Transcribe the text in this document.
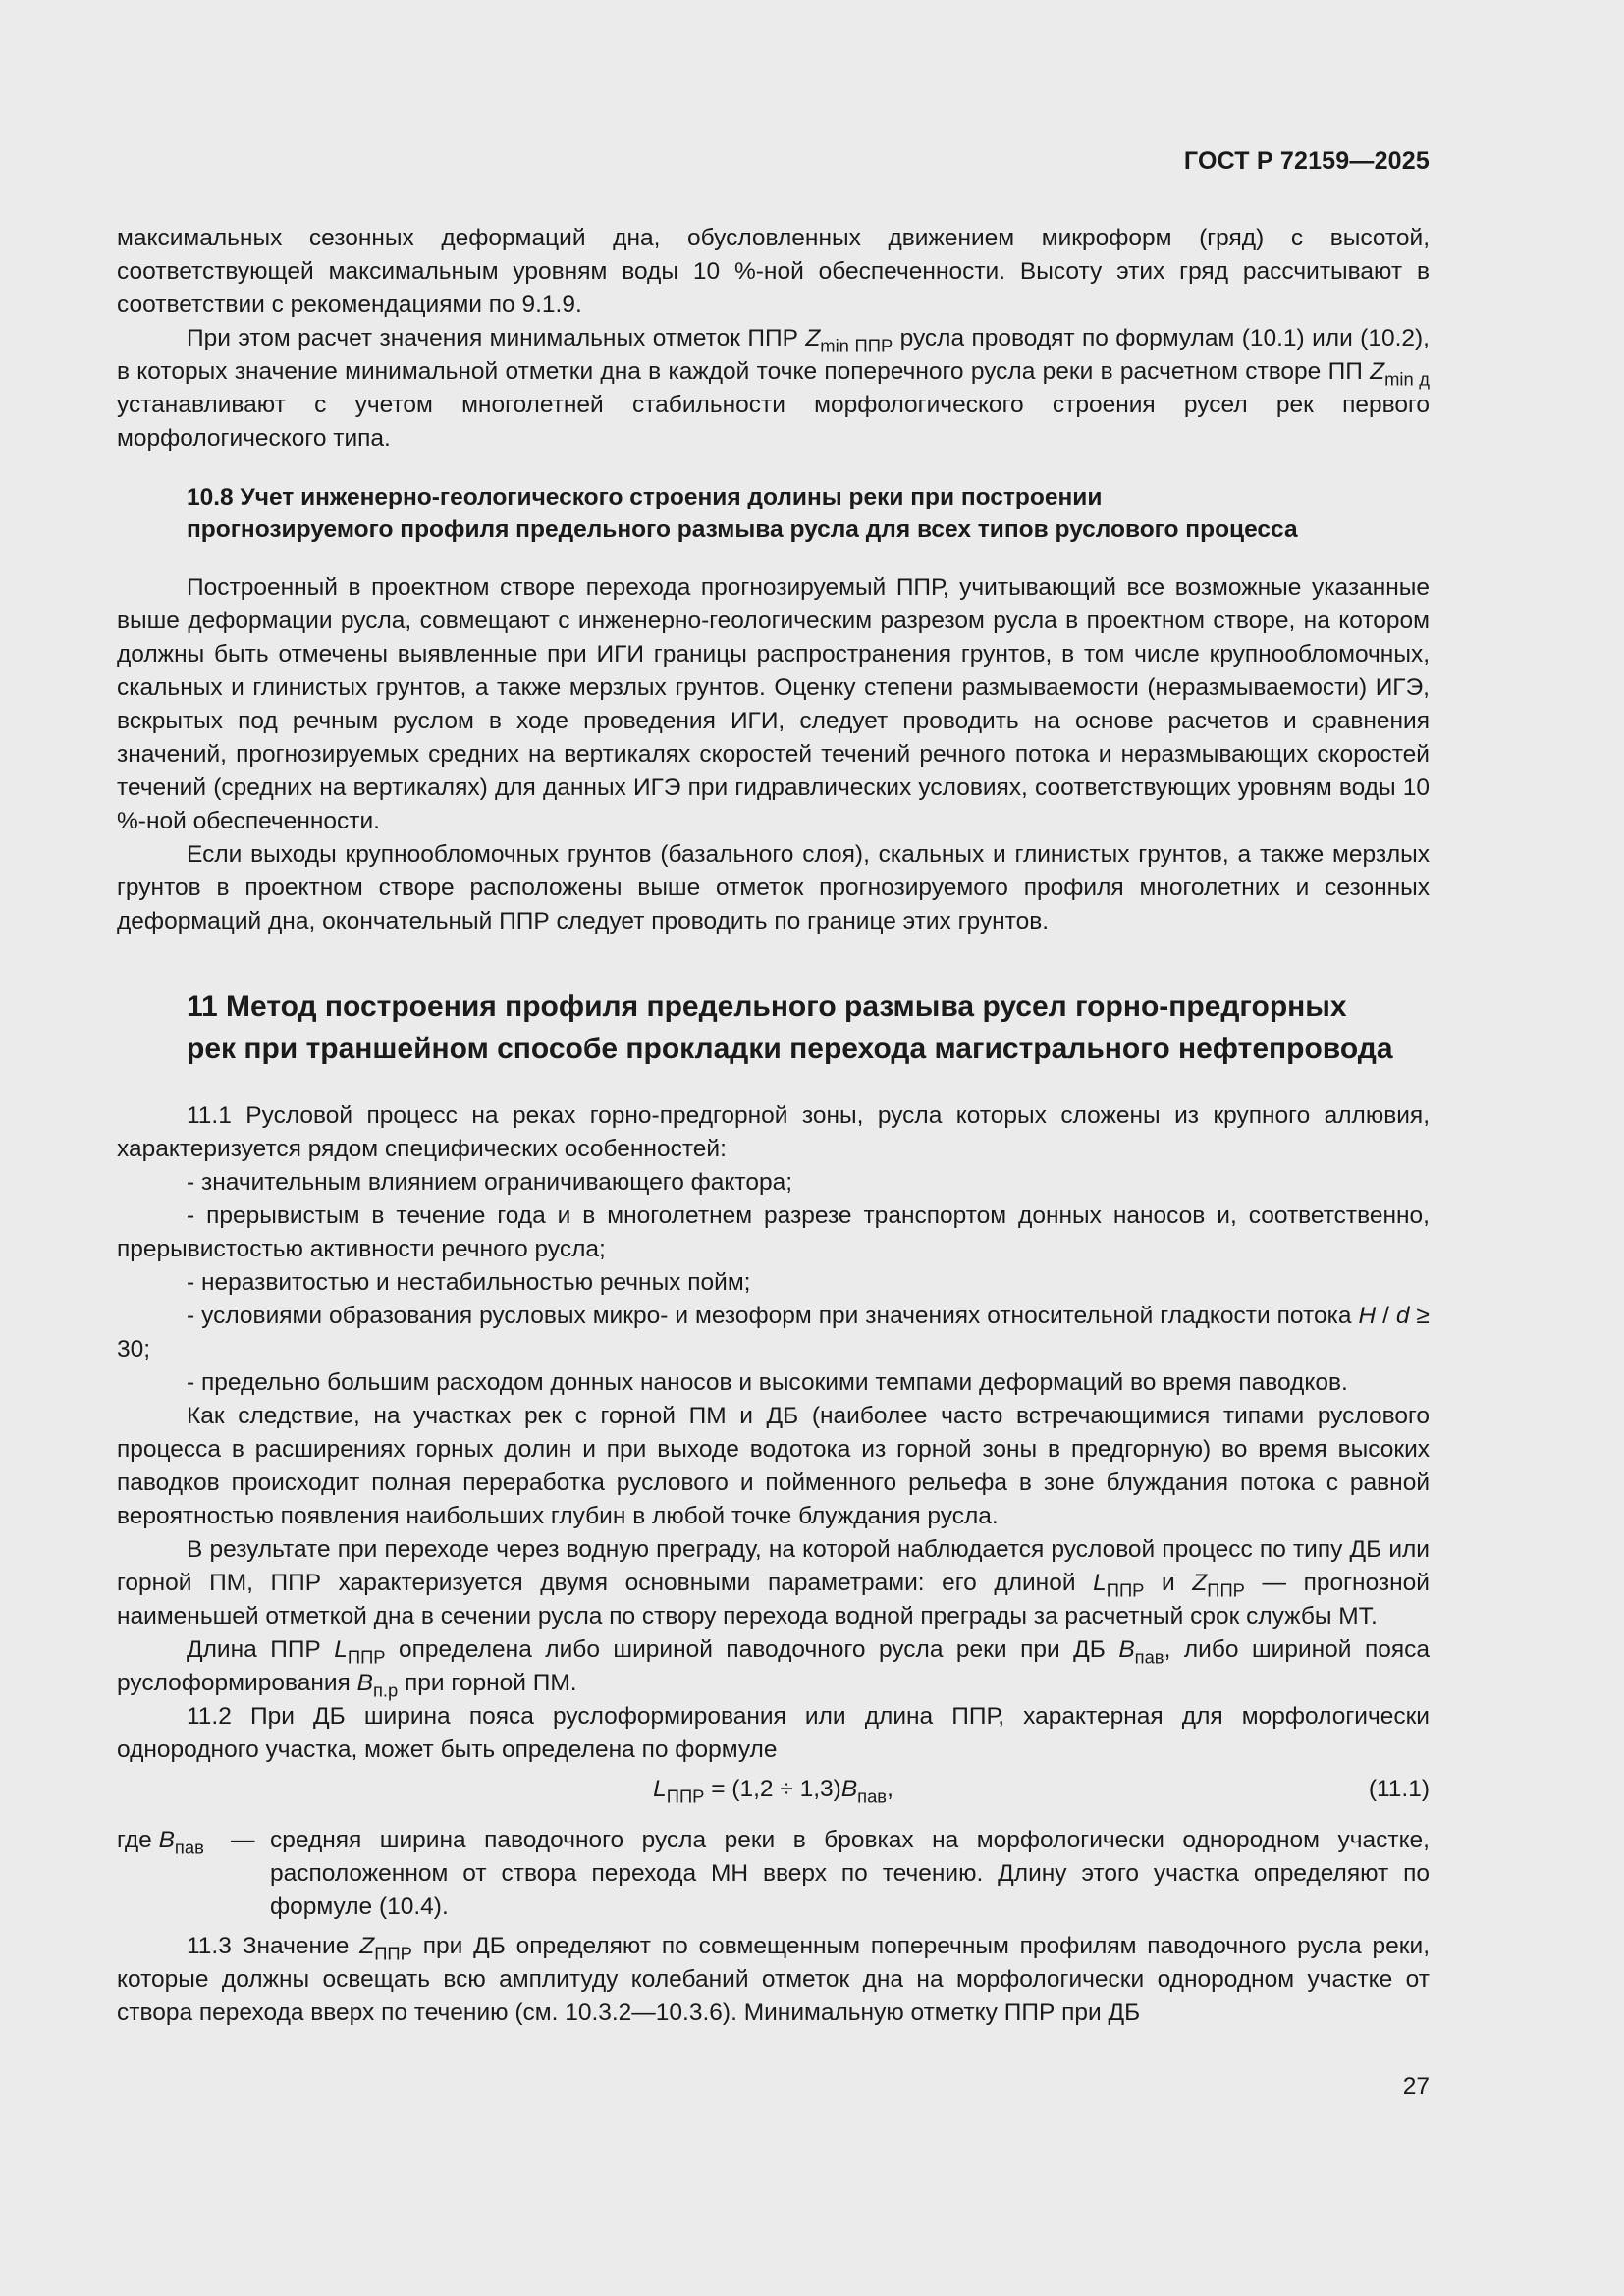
ГОСТ Р 72159—2025

максимальных сезонных деформаций дна, обусловленных движением микроформ (гряд) с высотой, соответствующей максимальным уровням воды 10 %-ной обеспеченности. Высоту этих гряд рассчитывают в соответствии с рекомендациями по 9.1.9.

При этом расчет значения минимальных отметок ППР $Z_{min ППР}$ русла проводят по формулам (10.1) или (10.2), в которых значение минимальной отметки дна в каждой точке поперечного русла реки в расчетном створе ПП $Z_{min д}$ устанавливают с учетом многолетней стабильности морфологического строения русел рек первого морфологического типа.

10.8 Учет инженерно-геологического строения долины реки при построении
прогнозируемого профиля предельного размыва русла для всех типов руслового процесса

Построенный в проектном створе перехода прогнозируемый ППР, учитывающий все возможные указанные выше деформации русла, совмещают с инженерно-геологическим разрезом русла в проектном створе, на котором должны быть отмечены выявленные при ИГИ границы распространения грунтов, в том числе крупнообломочных, скальных и глинистых грунтов, а также мерзлых грунтов. Оценку степени размываемости (неразмываемости) ИГЭ, вскрытых под речным руслом в ходе проведения ИГИ, следует проводить на основе расчетов и сравнения значений, прогнозируемых средних на вертикалях скоростей течений речного потока и неразмывающих скоростей течений (средних на вертикалях) для данных ИГЭ при гидравлических условиях, соответствующих уровням воды 10 %-ной обеспеченности.

Если выходы крупнообломочных грунтов (базального слоя), скальных и глинистых грунтов, а также мерзлых грунтов в проектном створе расположены выше отметок прогнозируемого профиля многолетних и сезонных деформаций дна, окончательный ППР следует проводить по границе этих грунтов.

11 Метод построения профиля предельного размыва русел горно-предгорных
рек при траншейном способе прокладки перехода магистрального нефтепровода

11.1 Русловой процесс на реках горно-предгорной зоны, русла которых сложены из крупного аллювия, характеризуется рядом специфических особенностей:

- значительным влиянием ограничивающего фактора;

- прерывистым в течение года и в многолетнем разрезе транспортом донных наносов и, соответственно, прерывистостью активности речного русла;

- неразвитостью и нестабильностью речных пойм;

- условиями образования русловых микро- и мезоформ при значениях относительной гладкости потока H / d ≥ 30;

- предельно большим расходом донных наносов и высокими темпами деформаций во время паводков.

Как следствие, на участках рек с горной ПМ и ДБ (наиболее часто встречающимися типами руслового процесса в расширениях горных долин и при выходе водотока из горной зоны в предгорную) во время высоких паводков происходит полная переработка руслового и пойменного рельефа в зоне блуждания потока с равной вероятностью появления наибольших глубин в любой точке блуждания русла.

В результате при переходе через водную преграду, на которой наблюдается русловой процесс по типу ДБ или горной ПМ, ППР характеризуется двумя основными параметрами: его длиной $L_{ППР}$ и $Z_{ППР}$ — прогнозной наименьшей отметкой дна в сечении русла по створу перехода водной преграды за расчетный срок службы МТ.

Длина ППР $L_{ППР}$ определена либо шириной паводочного русла реки при ДБ $B_{пав}$, либо шириной пояса руслоформирования $B_{п.р}$ при горной ПМ.

11.2 При ДБ ширина пояса руслоформирования или длина ППР, характерная для морфологически однородного участка, может быть определена по формуле

$L_{ППР} = (1,2 \div 1,3)B_{пав}$,	(11.1)
где $B_{пав}$	— средняя ширина паводочного русла реки в бровках на морфологически однородном участке, расположенном от створа перехода МН вверх по течению. Длину этого участка определяют по формуле (10.4).

11.3 Значение $Z_{ППР}$ при ДБ определяют по совмещенным поперечным профилям паводочного русла реки, которые должны освещать всю амплитуду колебаний отметок дна на морфологически однородном участке от створа перехода вверх по течению (см. 10.3.2—10.3.6). Минимальную отметку ППР при ДБ

27
